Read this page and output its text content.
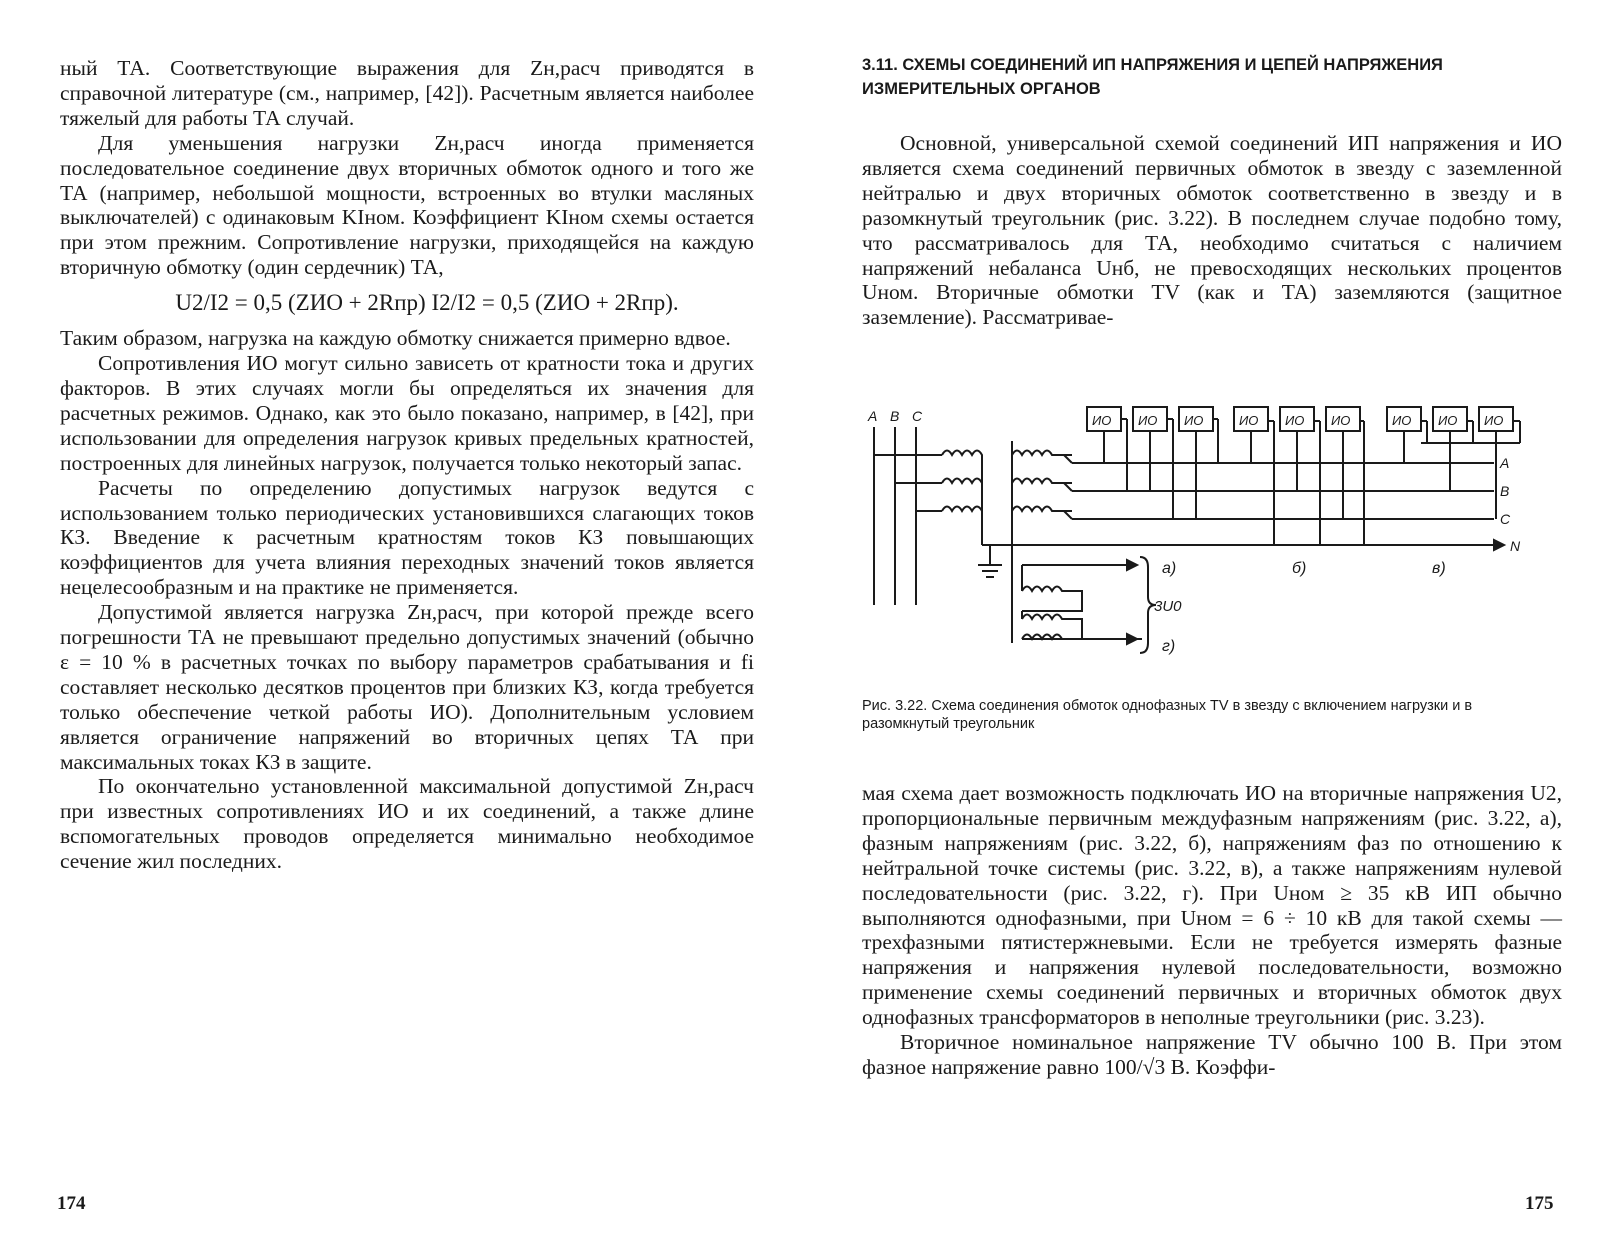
ный ТА. Соответствующие выражения для Zн,расч приводятся в справочной литературе (см., например, [42]). Расчетным является наиболее тяжелый для работы ТА случай.

Для уменьшения нагрузки Zн,расч иногда применяется последовательное соединение двух вторичных обмоток одного и того же ТА (например, небольшой мощности, встроенных во втулки масляных выключателей) с одинаковым KIном. Коэффициент KIном схемы остается при этом прежним. Сопротивление нагрузки, приходящейся на каждую вторичную обмотку (один сердечник) ТА,

U2/I2 = 0,5 (ZИО + 2Rпр) I2/I2 = 0,5 (ZИО + 2Rпр).

Таким образом, нагрузка на каждую обмотку снижается примерно вдвое.

Сопротивления ИО могут сильно зависеть от кратности тока и других факторов. В этих случаях могли бы определяться их значения для расчетных режимов. Однако, как это было показано, например, в [42], при использовании для определения нагрузок кривых предельных кратностей, построенных для линейных нагрузок, получается только некоторый запас.

Расчеты по определению допустимых нагрузок ведутся с использованием только периодических установившихся слагающих токов КЗ. Введение к расчетным кратностям токов КЗ повышающих коэффициентов для учета влияния переходных значений токов является нецелесообразным и на практике не применяется.

Допустимой является нагрузка Zн,расч, при которой прежде всего погрешности ТА не превышают предельно допустимых значений (обычно ε = 10 % в расчетных точках по выбору параметров срабатывания и fi составляет несколько десятков процентов при близких КЗ, когда требуется только обеспечение четкой работы ИО). Дополнительным условием является ограничение напряжений во вторичных цепях ТА при максимальных токах КЗ в защите.

По окончательно установленной максимальной допустимой Zн,расч при известных сопротивлениях ИО и их соединений, а также длине вспомогательных проводов определяется минимально необходимое сечение жил последних.

174
3.11. СХЕМЫ СОЕДИНЕНИЙ ИП НАПРЯЖЕНИЯ И ЦЕПЕЙ НАПРЯЖЕНИЯ ИЗМЕРИТЕЛЬНЫХ ОРГАНОВ

Основной, универсальной схемой соединений ИП напряжения и ИО является схема соединений первичных обмоток в звезду с заземленной нейтралью и двух вторичных обмоток соответственно в звезду и в разомкнутый треугольник (рис. 3.22). В последнем случае подобно тому, что рассматривалось для ТА, необходимо считаться с наличием напряжений небаланса Uнб, не превосходящих нескольких процентов Uном. Вторичные обмотки TV (как и ТА) заземляются (защитное заземление). Рассматривае-

A B C
A
B
C
N
ИО ИО ИО	ИО ИО ИО	ИО ИО ИО
а)	б)	в)
3U0
г)
Рис. 3.22. Схема соединения обмоток однофазных TV в звезду с включением нагрузки и в разомкнутый треугольник

мая схема дает возможность подключать ИО на вторичные напряжения U2, пропорциональные первичным междуфазным напряжениям (рис. 3.22, а), фазным напряжениям (рис. 3.22, б), напряжениям фаз по отношению к нейтральной точке системы (рис. 3.22, в), а также напряжениям нулевой последовательности (рис. 3.22, г). При Uном ≥ 35 кВ ИП обычно выполняются однофазными, при Uном = 6 ÷ 10 кВ для такой схемы — трехфазными пятистержневыми. Если не требуется измерять фазные напряжения и напряжения нулевой последовательности, возможно применение схемы соединений первичных и вторичных обмоток двух однофазных трансформаторов в неполные треугольники (рис. 3.23).

Вторичное номинальное напряжение TV обычно 100 В. При этом фазное напряжение равно 100/√3 В. Коэффи-

175
